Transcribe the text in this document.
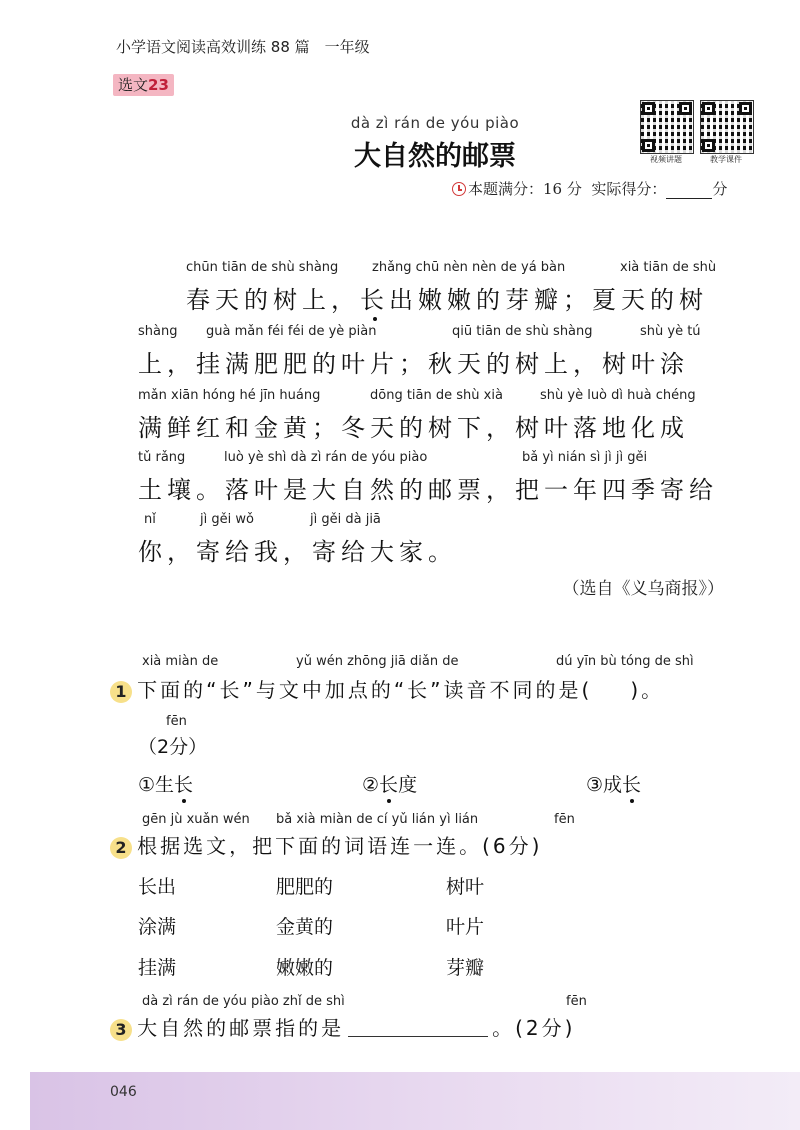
小学语文阅读高效训练 88 篇　一年级
选文23
dà zì rán de yóu piào
大自然的邮票	视频讲题	教学课件
本题满分：16 分 实际得分：	分
chūn tiān de shù shàng	zhǎng chū nèn nèn de yá bàn	xià tiān de shù
春天的树上，长出嫩嫩的芽瓣；夏天的树
shàng guà mǎn féi féi de yè piàn	qiū tiān de shù shàng	shù yè tú
上，挂满肥肥的叶片；秋天的树上，树叶涂
mǎn xiān hóng hé jīn huáng	dōng tiān de shù xià	shù yè luò dì huà chéng
满鲜红和金黄；冬天的树下，树叶落地化成
tǔ rǎng	luò yè shì dà zì rán de yóu piào	bǎ yì nián sì jì jì gěi
土壤。落叶是大自然的邮票，把一年四季寄给
nǐ	jì gěi wǒ	jì gěi dà jiā
你，寄给我，寄给大家。
（选自《义乌商报》）
xià miàn de	yǔ wén zhōng jiā diǎn de	dú yīn bù tóng de shì
1 下面的“长”与文中加点的“长”读音不同的是( )。
fēn
（2分）
①生长	②长度	③成长
gēn jù xuǎn wén bǎ xià miàn de cí yǔ lián yì lián	fēn
2 根据选文，把下面的词语连一连。(6分)
长出	肥肥的	树叶
涂满	金黄的	叶片
挂满	嫩嫩的	芽瓣
dà zì rán de yóu piào zhǐ de shì	fēn
3 大自然的邮票指的是	。(2分)
046
